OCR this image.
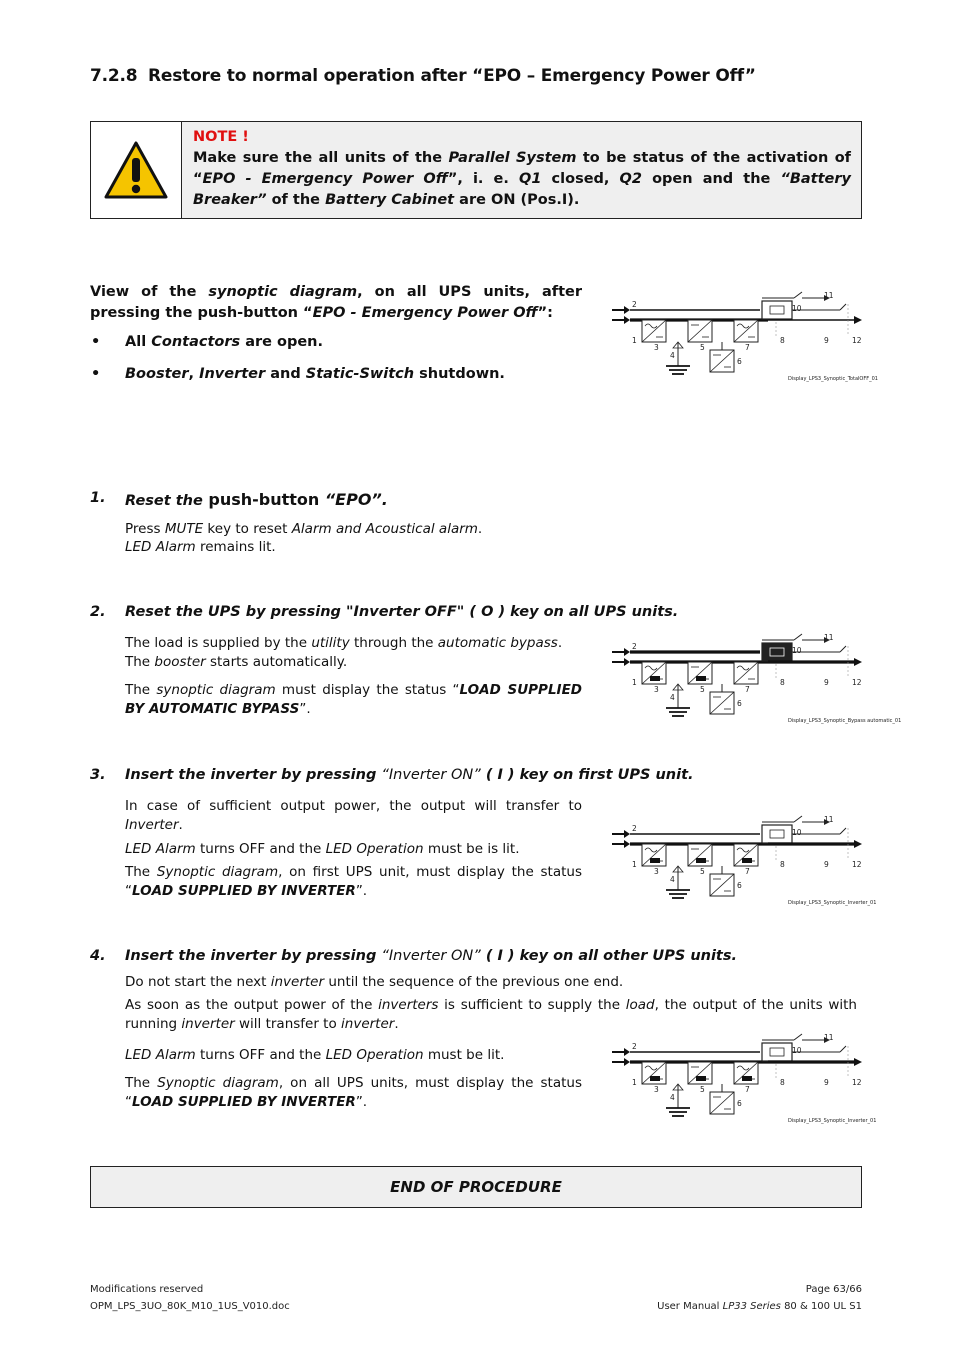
7.2.8 Restore to normal operation after “EPO – Emergency Power Off”
NOTE !
Make sure the all units of the Parallel System to be status of the activation of “EPO - Emergency Power Off”, i. e. Q1 closed, Q2 open and the “Battery Breaker” of the Battery Cabinet are ON (Pos.I).
View of the synoptic diagram, on all UPS units, after pressing the push-button “EPO - Emergency Power Off”:
• All Contactors are open.
• Booster, Inverter and Static-Switch shutdown.
1. Reset the push-button “EPO”.
Press MUTE key to reset Alarm and Acoustical alarm.
LED Alarm remains lit.
2. Reset the UPS by pressing "Inverter OFF" ( O ) key on all UPS units.
The load is supplied by the utility through the automatic bypass.
The booster starts automatically.
The synoptic diagram must display the status “LOAD SUPPLIED BY AUTOMATIC BYPASS”.
3. Insert the inverter by pressing “Inverter ON” ( I ) key on first UPS unit.
In case of sufficient output power, the output will transfer to Inverter.
LED Alarm turns OFF and the LED Operation must be is lit.
The Synoptic diagram, on first UPS unit, must display the status “LOAD SUPPLIED BY INVERTER”.
4. Insert the inverter by pressing “Inverter ON” ( I ) key on all other UPS units.
Do not start the next inverter until the sequence of the previous one end.
As soon as the output power of the inverters is sufficient to supply the load, the output of the units with running inverter will transfer to inverter.
LED Alarm turns OFF and the LED Operation must be lit.
The Synoptic diagram, on all UPS units, must display the status “LOAD SUPPLIED BY INVERTER”.
1
2
3
4
5
6
7
8	9
10
11
12
Display_LPS3_Synoptic_TotalOFF_01
1
2
3
4
5
6
7
8	9
10
11
12
Display_LPS3_Synoptic_Bypass automatic_01
1
2
3
4
5
6
7
8	9
10
11
12
Display_LPS3_Synoptic_Inverter_01
1
2
3
4
5
6
7
8	9
10
11
12
Display_LPS3_Synoptic_Inverter_01
END OF PROCEDURE
Modifications reserved
OPM_LPS_3UO_80K_M10_1US_V010.doc
Page 63/66
User Manual LP33 Series 80 & 100 UL S1
